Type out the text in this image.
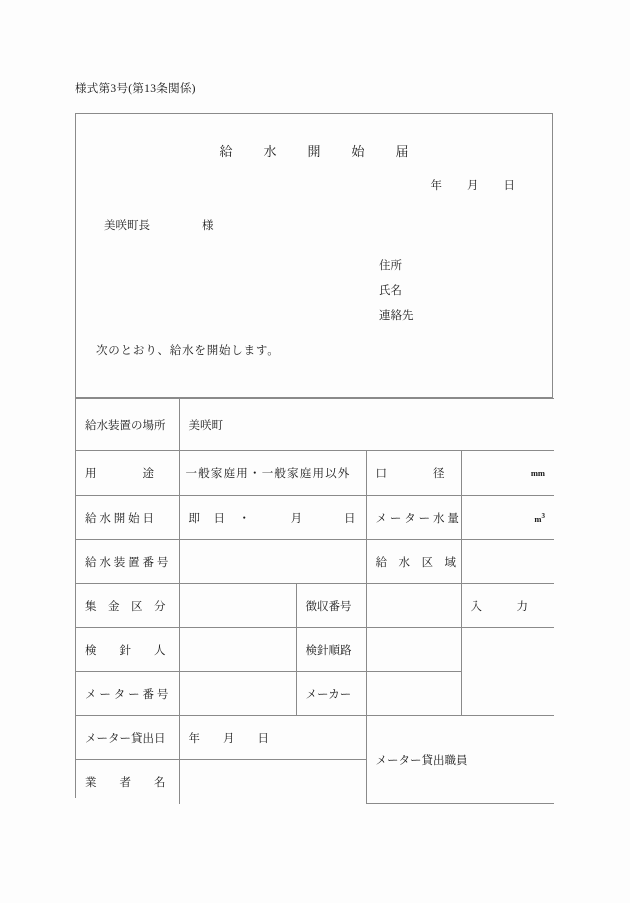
様式第3号(第13条関係)
給　水　開　始　届
年 月 日
美咲町長	様
住所
氏名
連絡先
次のとおり、給水を開始します。
給水装置の場所	美咲町			

用　　　　途	一般家庭用・一般家庭用以外		口　　　　径	mm

給 水 開 始 日	即　日　・ 月 日		メ ー タ ー 水 量	$m^3$

給 水 装 置 番 号			給　水　区　域	

集　金　区　分		徴収番号		入　　　力

検　　針　　人		検針順路		

メ ー タ ー 番 号		メーカー		
メーター貸出日	年 月 日		メーター貸出職員	

業　　者　　名				
